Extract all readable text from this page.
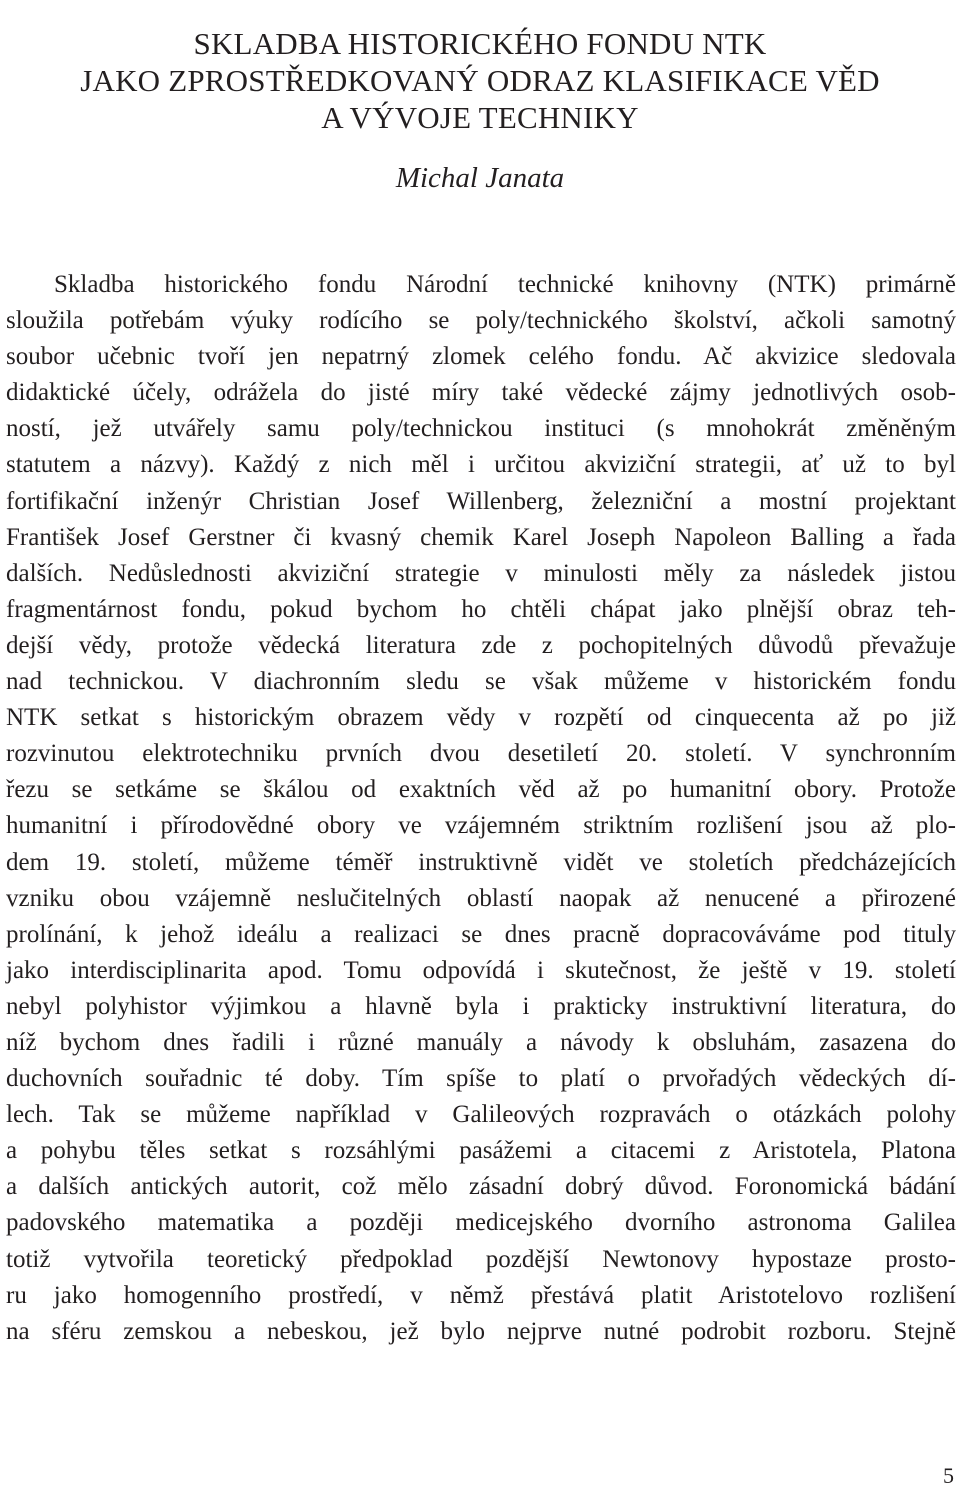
SKLADBA HISTORICKÉHO FONDU NTK
JAKO ZPROSTŘEDKOVANÝ ODRAZ KLASIFIKACE VĚD
A VÝVOJE TECHNIKY
Michal Janata
Skladba historického fondu Národní technické knihovny (NTK) primárně
sloužila potřebám výuky rodícího se poly/technického školství, ačkoli samotný
soubor učebnic tvoří jen nepatrný zlomek celého fondu. Ač akvizice sledovala
didaktické účely, odrážela do jisté míry také vědecké zájmy jednotlivých osob-
ností, jež utvářely samu poly/technickou instituci (s mnohokrát změněným
statutem a názvy). Každý z nich měl i určitou akviziční strategii, ať už to byl
fortifikační inženýr Christian Josef Willenberg, železniční a mostní projektant
František Josef Gerstner či kvasný chemik Karel Joseph Napoleon Balling a řada
dalších. Nedůslednosti akviziční strategie v minulosti měly za následek jistou
fragmentárnost fondu, pokud bychom ho chtěli chápat jako plnější obraz teh-
dejší vědy, protože vědecká literatura zde z pochopitelných důvodů převažuje
nad technickou. V diachronním sledu se však můžeme v historickém fondu
NTK setkat s historickým obrazem vědy v rozpětí od cinquecenta až po již
rozvinutou elektrotechniku prvních dvou desetiletí 20. století. V synchronním
řezu se setkáme se škálou od exaktních věd až po humanitní obory. Protože
humanitní i přírodovědné obory ve vzájemném striktním rozlišení jsou až plo-
dem 19. století, můžeme téměř instruktivně vidět ve stoletích předcházejících
vzniku obou vzájemně neslučitelných oblastí naopak až nenucené a přirozené
prolínání, k jehož ideálu a realizaci se dnes pracně dopracováváme pod tituly
jako interdisciplinarita apod. Tomu odpovídá i skutečnost, že ještě v 19. století
nebyl polyhistor výjimkou a hlavně byla i prakticky instruktivní literatura, do
níž bychom dnes řadili i různé manuály a návody k obsluhám, zasazena do
duchovních souřadnic té doby. Tím spíše to platí o prvořadých vědeckých dí-
lech. Tak se můžeme například v Galileových rozpravách o otázkách polohy
a pohybu těles setkat s rozsáhlými pasážemi a citacemi z Aristotela, Platona
a dalších antických autorit, což mělo zásadní dobrý důvod. Foronomická bádání
padovského matematika a později medicejského dvorního astronoma Galilea
totiž vytvořila teoretický předpoklad pozdější Newtonovy hypostaze prosto-
ru jako homogenního prostředí, v němž přestává platit Aristotelovo rozlišení
na sféru zemskou a nebeskou, jež bylo nejprve nutné podrobit rozboru. Stejně
5
